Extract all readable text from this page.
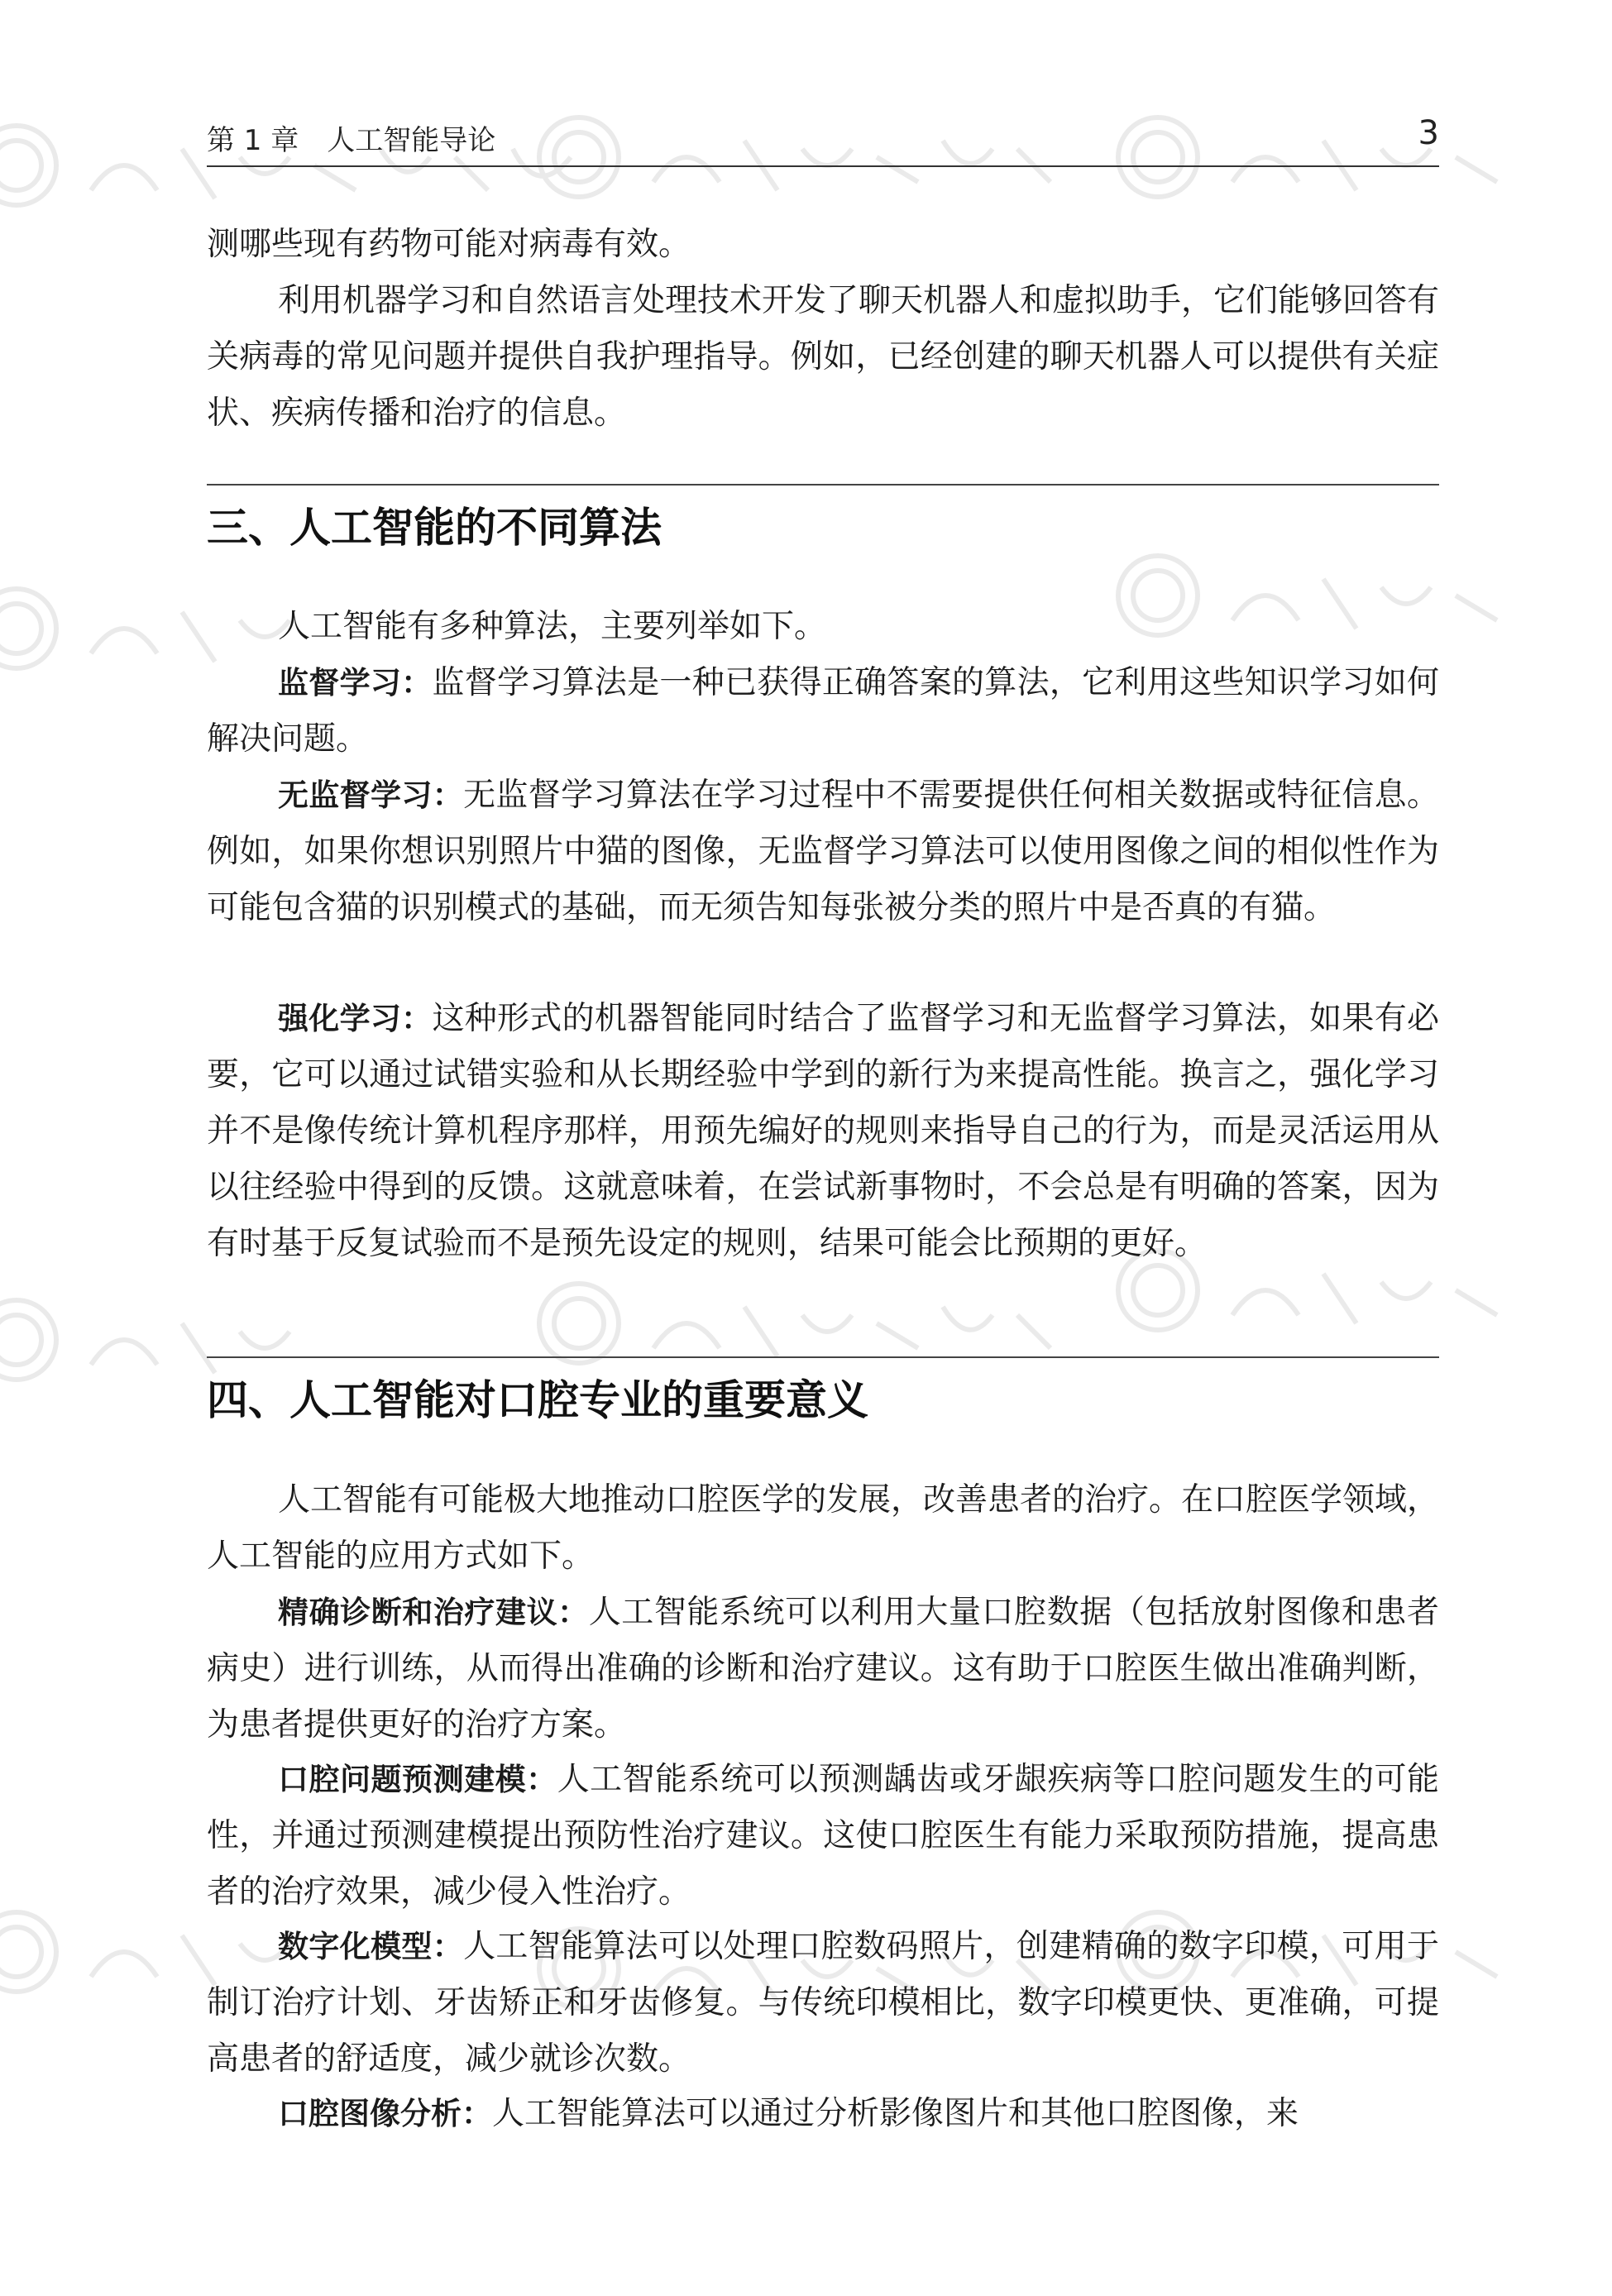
第 1 章　人工智能导论	3

测哪些现有药物可能对病毒有效。

利用机器学习和自然语言处理技术开发了聊天机器人和虚拟助手，它们能够回答有关病毒的常见问题并提供自我护理指导。例如，已经创建的聊天机器人可以提供有关症状、疾病传播和治疗的信息。

三、人工智能的不同算法

人工智能有多种算法，主要列举如下。

监督学习：监督学习算法是一种已获得正确答案的算法，它利用这些知识学习如何解决问题。

无监督学习：无监督学习算法在学习过程中不需要提供任何相关数据或特征信息。例如，如果你想识别照片中猫的图像，无监督学习算法可以使用图像之间的相似性作为可能包含猫的识别模式的基础，而无须告知每张被分类的照片中是否真的有猫。

强化学习：这种形式的机器智能同时结合了监督学习和无监督学习算法，如果有必要，它可以通过试错实验和从长期经验中学到的新行为来提高性能。换言之，强化学习并不是像传统计算机程序那样，用预先编好的规则来指导自己的行为，而是灵活运用从以往经验中得到的反馈。这就意味着，在尝试新事物时，不会总是有明确的答案，因为有时基于反复试验而不是预先设定的规则，结果可能会比预期的更好。

四、人工智能对口腔专业的重要意义

人工智能有可能极大地推动口腔医学的发展，改善患者的治疗。在口腔医学领域，人工智能的应用方式如下。

精确诊断和治疗建议：人工智能系统可以利用大量口腔数据（包括放射图像和患者病史）进行训练，从而得出准确的诊断和治疗建议。这有助于口腔医生做出准确判断，为患者提供更好的治疗方案。

口腔问题预测建模：人工智能系统可以预测龋齿或牙龈疾病等口腔问题发生的可能性，并通过预测建模提出预防性治疗建议。这使口腔医生有能力采取预防措施，提高患者的治疗效果，减少侵入性治疗。

数字化模型：人工智能算法可以处理口腔数码照片，创建精确的数字印模，可用于制订治疗计划、牙齿矫正和牙齿修复。与传统印模相比，数字印模更快、更准确，可提高患者的舒适度，减少就诊次数。

口腔图像分析：人工智能算法可以通过分析影像图片和其他口腔图像，来
